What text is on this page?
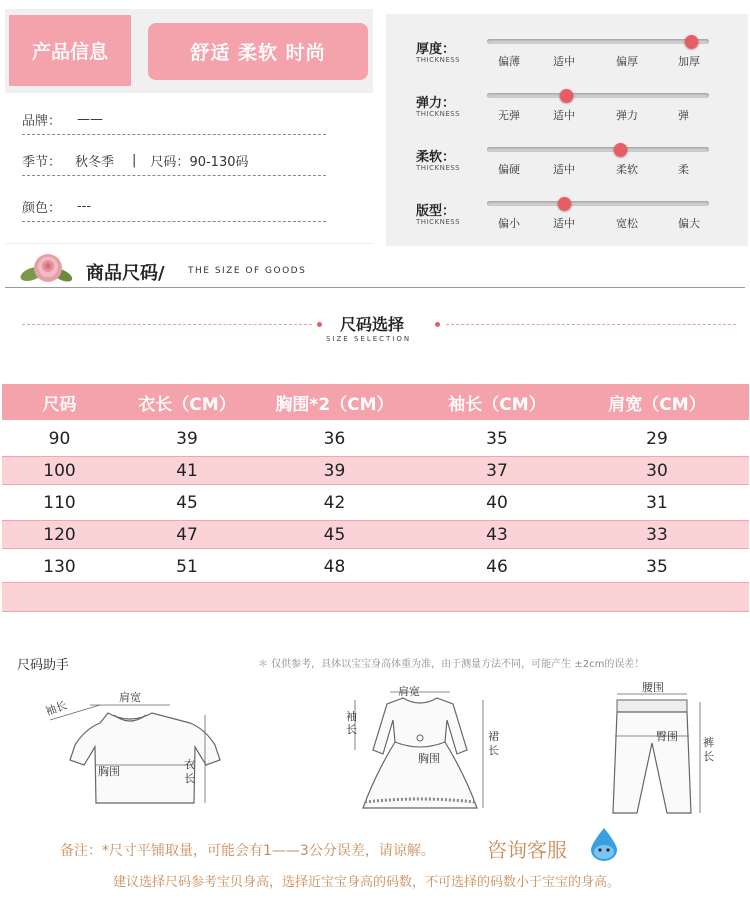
产品信息	舒适 柔软 时尚
品牌： ——
季节： 秋冬季 | 尺码： 90-130码
颜色： ---
厚度：
THICKNESS	偏薄	适中	偏厚	加厚
弹力：
THICKNESS	无弹	适中	弹力	弹
柔软：
THICKNESS	偏硬	适中	柔软	柔
版型：
THICKNESS	偏小	适中	宽松	偏大
商品尺码/	THE SIZE OF GOODS
尺码选择
SIZE SELECTION
尺码	衣长（CM）	胸围*2（CM）	袖长（CM）	肩宽（CM）
90	39	36	35	29
100	41	39	37	30
110	45	42	40	31
120	47	45	43	33
130	51	48	46	35
尺码助手	＊ 仅供参考，具体以宝宝身高体重为准，由于测量方法不同，可能产生 ±2cm的误差！
肩宽
袖长
胸围
衣长
肩宽
袖长
胸围
裙长
腰围
臀围 裤长
备注：*尺寸平铺取量，可能会有1——3公分误差，请谅解。	咨询客服
建议选择尺码参考宝贝身高，选择近宝宝身高的码数，不可选择的码数小于宝宝的身高。
